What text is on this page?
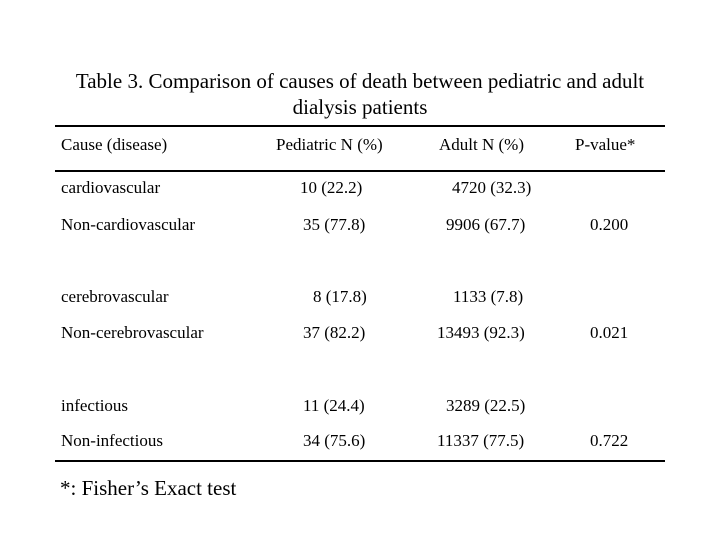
Table 3. Comparison of causes of death between pediatric and adult
dialysis patients
Cause (disease)	Pediatric N (%)	Adult N (%)	P-value*
cardiovascular	10 (22.2)	4720 (32.3)
Non-cardiovascular	35 (77.8)	9906 (67.7)	0.200
cerebrovascular	8 (17.8)	1133 (7.8)
Non-cerebrovascular	37 (82.2)	13493 (92.3)	0.021
infectious	11 (24.4)	3289 (22.5)
Non-infectious	34 (75.6)	11337 (77.5)	0.722
*: Fisher’s Exact test
